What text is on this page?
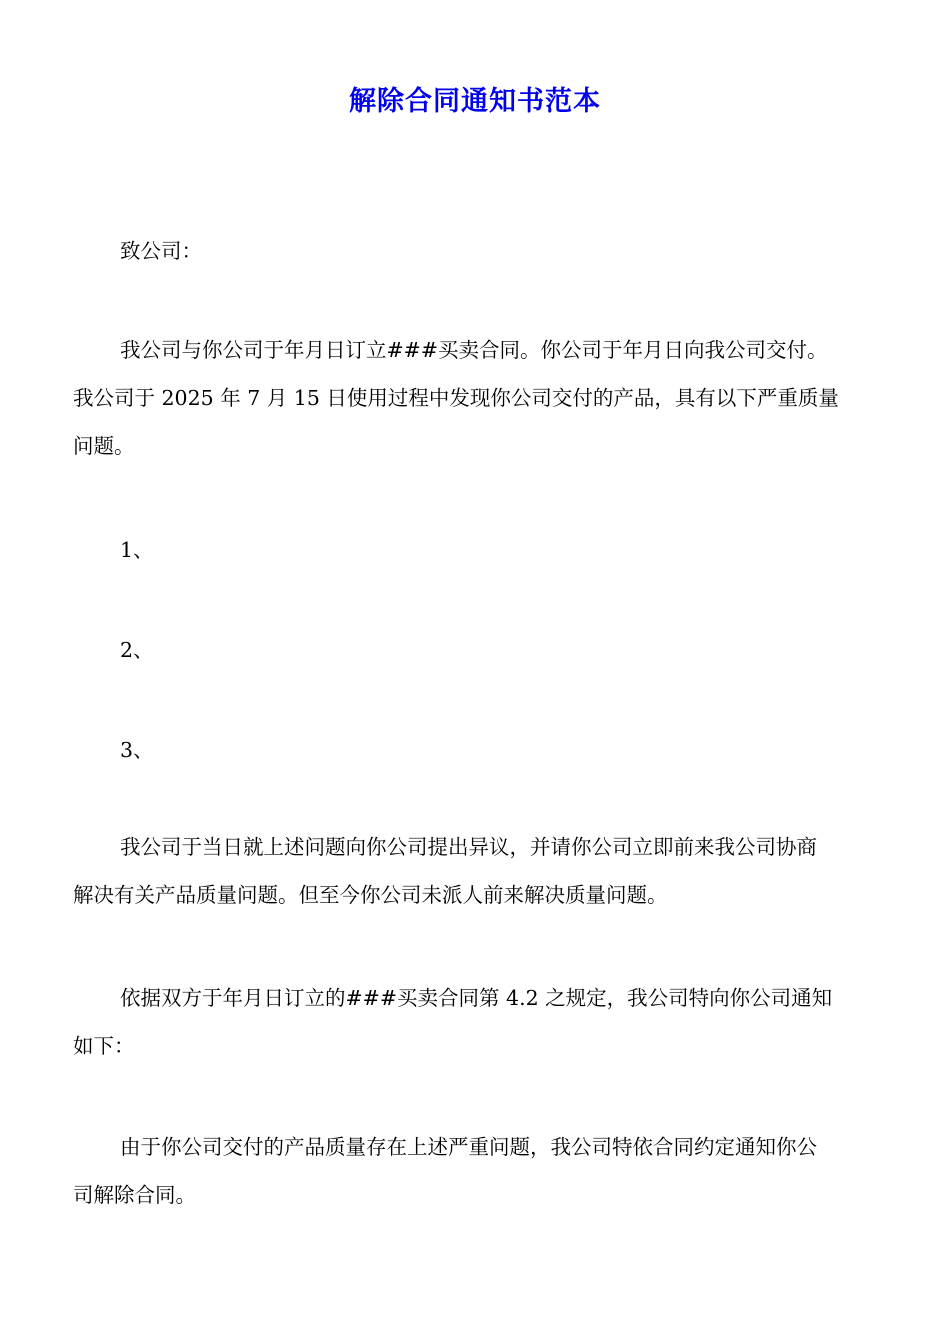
解除合同通知书范本

致公司：

我公司与你公司于年月日订立###买卖合同。你公司于年月日向我公司交付。
我公司于 2025 年 7 月 15 日使用过程中发现你公司交付的产品，具有以下严重质量
问题。

1、

2、

3、

我公司于当日就上述问题向你公司提出异议，并请你公司立即前来我公司协商
解决有关产品质量问题。但至今你公司未派人前来解决质量问题。
依据双方于年月日订立的###买卖合同第 4.2 之规定，我公司特向你公司通知
如下：
由于你公司交付的产品质量存在上述严重问题，我公司特依合同约定通知你公
司解除合同。
